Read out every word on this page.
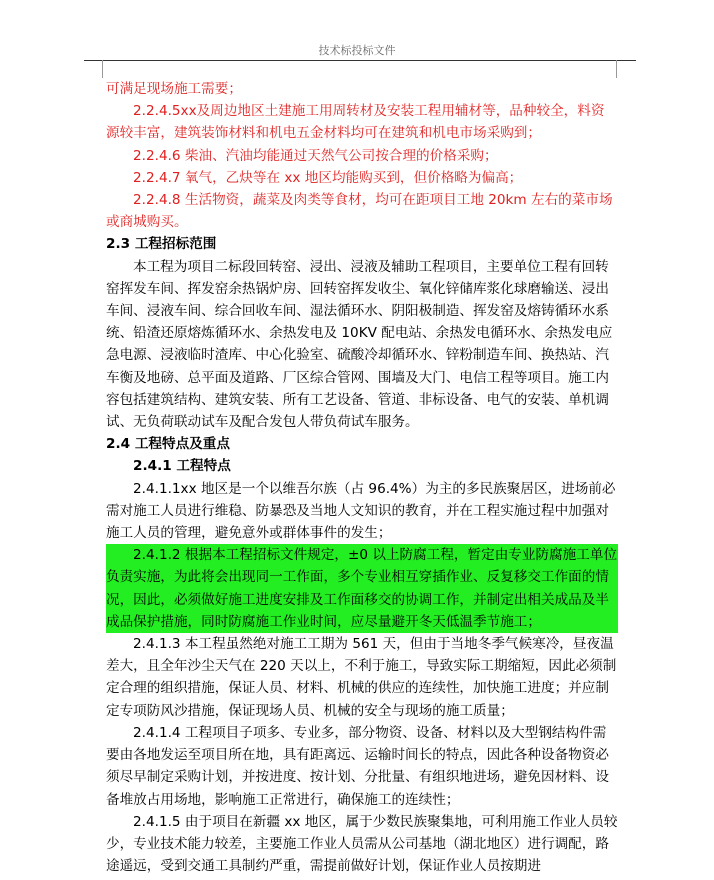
技术标投标文件

可满足现场施工需要；

2.2.4.5xx及周边地区土建施工用周转材及安装工程用辅材等，品种较全，料资源较丰富，建筑装饰材料和机电五金材料均可在建筑和机电市场采购到；

2.2.4.6 柴油、汽油均能通过天然气公司按合理的价格采购；

2.2.4.7 氧气，乙炔等在 xx 地区均能购买到，但价格略为偏高；

2.2.4.8 生活物资，蔬菜及肉类等食材，均可在距项目工地 20km 左右的菜市场或商城购买。

2.3 工程招标范围

本工程为项目二标段回转窑、浸出、浸液及辅助工程项目，主要单位工程有回转窑挥发车间、挥发窑余热锅炉房、回转窑挥发收尘、氧化锌储库浆化球磨输送、浸出车间、浸液车间、综合回收车间、湿法循环水、阴阳极制造、挥发窑及熔铸循环水系统、铅渣还原熔炼循环水、余热发电及 10KV 配电站、余热发电循环水、余热发电应急电源、浸液临时渣库、中心化验室、硫酸冷却循环水、锌粉制造车间、换热站、汽车衡及地磅、总平面及道路、厂区综合管网、围墙及大门、电信工程等项目。施工内容包括建筑结构、建筑安装、所有工艺设备、管道、非标设备、电气的安装、单机调试、无负荷联动试车及配合发包人带负荷试车服务。

2.4 工程特点及重点

2.4.1 工程特点

2.4.1.1xx 地区是一个以维吾尔族（占 96.4%）为主的多民族聚居区，进场前必需对施工人员进行维稳、防暴恐及当地人文知识的教育，并在工程实施过程中加强对施工人员的管理，避免意外或群体事件的发生；

2.4.1.2 根据本工程招标文件规定，±0 以上防腐工程，暂定由专业防腐施工单位负责实施，为此将会出现同一工作面，多个专业相互穿插作业、反复移交工作面的情况，因此，必须做好施工进度安排及工作面移交的协调工作，并制定出相关成品及半成品保护措施，同时防腐施工作业时间，应尽量避开冬天低温季节施工；

2.4.1.3 本工程虽然绝对施工工期为 561 天，但由于当地冬季气候寒冷，昼夜温差大，且全年沙尘天气在 220 天以上，不利于施工，导致实际工期缩短，因此必须制定合理的组织措施，保证人员、材料、机械的供应的连续性，加快施工进度；并应制定专项防风沙措施，保证现场人员、机械的安全与现场的施工质量；

2.4.1.4 工程项目子项多、专业多，部分物资、设备、材料以及大型钢结构件需要由各地发运至项目所在地，具有距离远、运输时间长的特点，因此各种设备物资必须尽早制定采购计划，并按进度、按计划、分批量、有组织地进场，避免因材料、设备堆放占用场地，影响施工正常进行，确保施工的连续性；

2.4.1.5 由于项目在新疆 xx 地区，属于少数民族聚集地，可利用施工作业人员较少，专业技术能力较差，主要施工作业人员需从公司基地（湖北地区）进行调配，路途遥远，受到交通工具制约严重，需提前做好计划，保证作业人员按期进
